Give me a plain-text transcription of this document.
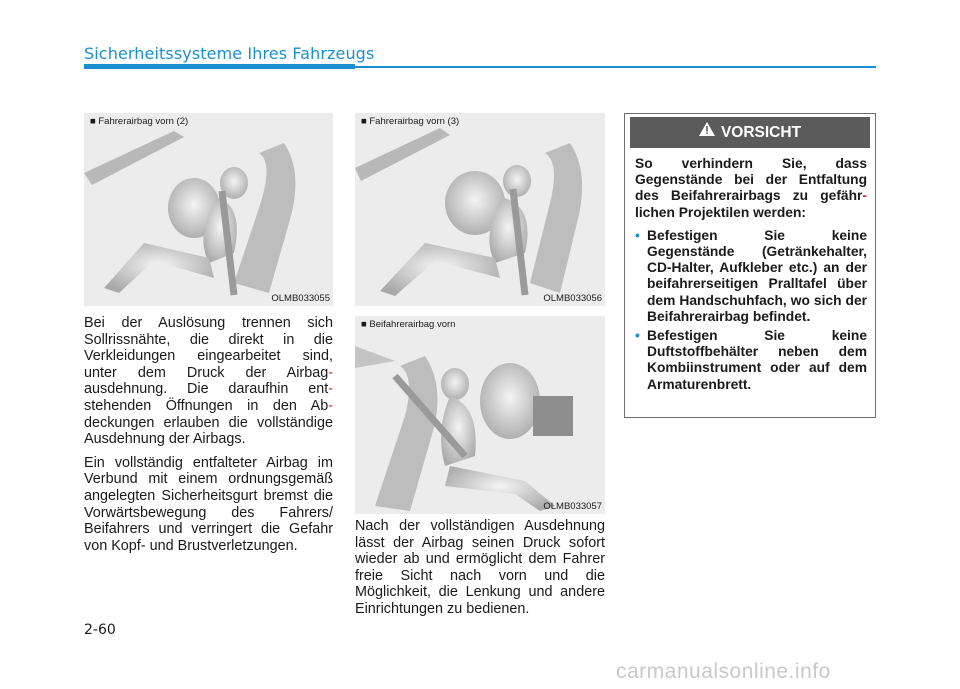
Sicherheitssysteme Ihres Fahrzeugs
■ Fahrerairbag vorn (2)
OLMB033055
■ Fahrerairbag vorn (3)
OLMB033056
■ Beifahrerairbag vorn
OLMB033057

Bei der Auslösung trennen sich Sollrissnähte, die direkt in die Verkleidungen eingearbeitet sind, unter dem Druck der Airbag- ausdehnung. Die daraufhin ent- stehenden Öffnungen in den Ab- deckungen erlauben die vollständige Ausdehnung der Airbags.

Ein vollständig entfalteter Airbag im Verbund mit einem ordnungsgemäß angelegten Sicherheitsgurt bremst die Vorwärtsbewegung des Fahrers/ Beifahrers und verringert die Gefahr von Kopf- und Brustverletzungen.

Nach der vollständigen Ausdehnung lässt der Airbag seinen Druck sofort wieder ab und ermöglicht dem Fahrer freie Sicht nach vorn und die Möglichkeit, die Lenkung und andere Einrichtungen zu bedienen.

VORSICHT

So verhindern Sie, dass Gegenstände bei der Entfaltung des Beifahrerairbags zu gefähr- lichen Projektilen werden:

• Befestigen Sie keine Gegenstände (Getränkehalter, CD-Halter, Aufkleber etc.) an der beifahrerseitigen Pralltafel über dem Handschuhfach, wo sich der Beifahrerairbag befindet.
• Befestigen Sie keine Duftstoffbehälter neben dem Kombiinstrument oder auf dem Armaturenbrett.
2-60
carmanualsonline.info
